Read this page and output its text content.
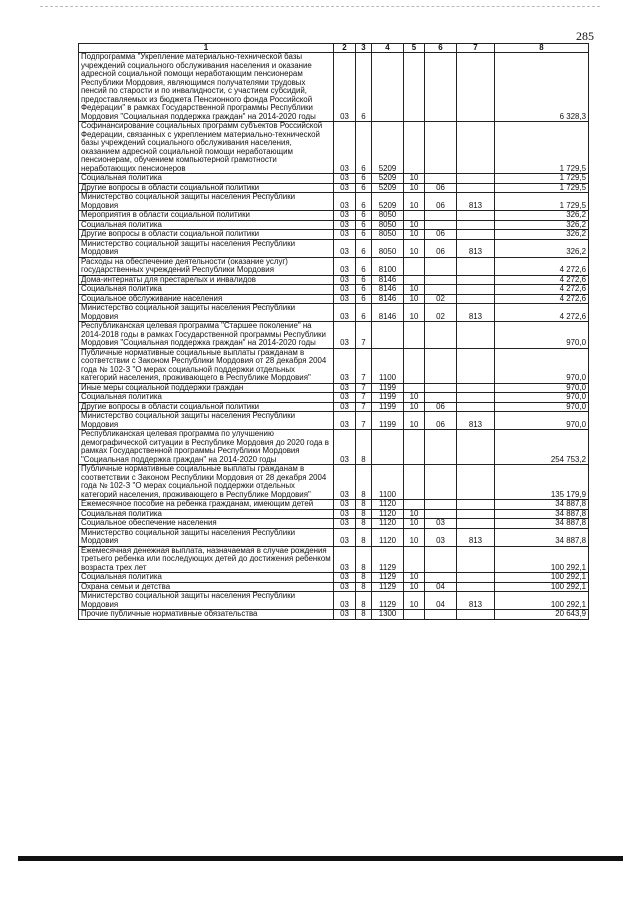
285
1	2	3	4	5	6	7	8
Подпрограмма "Укрепление материально-технической базы учреждений социального обслуживания населения и оказание адресной социальной помощи неработающим пенсионерам Республики Мордовия, являющимся получателями трудовых пенсий по старости и по инвалидности, с участием субсидий, предоставляемых из бюджета Пенсионного фонда Российской Федерации" в рамках Государственной программы Республики Мордовия "Социальная поддержка граждан" на 2014-2020 годы	03	6					6 328,3
Софинансирование социальных программ субъектов Российской Федерации, связанных с укреплением материально-технической базы учреждений социального обслуживания населения, оказанием адресной социальной помощи неработающим пенсионерам, обучением компьютерной грамотности неработающих пенсионеров	03	6	5209				1 729,5
Социальная политика	03	6	5209	10			1 729,5
Другие вопросы в области социальной политики	03	6	5209	10	06		1 729,5
Министерство социальной защиты населения Республики Мордовия	03	6	5209	10	06	813	1 729,5
Мероприятия в области социальной политики	03	6	8050				326,2
Социальная политика	03	6	8050	10			326,2
Другие вопросы в области социальной политики	03	6	8050	10	06		326,2
Министерство социальной защиты населения Республики Мордовия	03	6	8050	10	06	813	326,2
Расходы на обеспечение деятельности (оказание услуг) государственных учреждений Республики Мордовия	03	6	8100				4 272,6
Дома-интернаты для престарелых и инвалидов	03	6	8146				4 272,6
Социальная политика	03	6	8146	10			4 272,6
Социальное обслуживание населения	03	6	8146	10	02		4 272,6
Министерство социальной защиты населения Республики Мордовия	03	6	8146	10	02	813	4 272,6
Республиканская целевая программа "Старшее поколение" на 2014-2018 годы в рамках Государственной программы Республики Мордовия "Социальная поддержка граждан" на 2014-2020 годы	03	7					970,0
Публичные нормативные социальные выплаты гражданам в соответствии с Законом Республики Мордовия от 28 декабря 2004 года № 102-З "О мерах социальной поддержки отдельных категорий населения, проживающего в Республике Мордовия"	03	7	1100				970,0
Иные меры социальной поддержки граждан	03	7	1199				970,0
Социальная политика	03	7	1199	10			970,0
Другие вопросы в области социальной политики	03	7	1199	10	06		970,0
Министерство социальной защиты населения Республики Мордовия	03	7	1199	10	06	813	970,0
Республиканская целевая программа по улучшению демографической ситуации в Республике Мордовия до 2020 года в рамках Государственной программы Республики Мордовия "Социальная поддержка граждан" на 2014-2020 годы	03	8					254 753,2
Публичные нормативные социальные выплаты гражданам в соответствии с Законом Республики Мордовия от 28 декабря 2004 года № 102-З "О мерах социальной поддержки отдельных категорий населения, проживающего в Республике Мордовия"	03	8	1100				135 179,9
Ежемесячное пособие на ребенка гражданам, имеющим детей	03	8	1120				34 887,8
Социальная политика	03	8	1120	10			34 887,8
Социальное обеспечение населения	03	8	1120	10	03		34 887,8
Министерство социальной защиты населения Республики Мордовия	03	8	1120	10	03	813	34 887,8
Ежемесячная денежная выплата, назначаемая в случае рождения третьего ребенка или последующих детей до достижения ребенком возраста трех лет	03	8	1129				100 292,1
Социальная политика	03	8	1129	10			100 292,1
Охрана семьи и детства	03	8	1129	10	04		100 292,1
Министерство социальной защиты населения Республики Мордовия	03	8	1129	10	04	813	100 292,1
Прочие публичные нормативные обязательства	03	8	1300				20 643,9
